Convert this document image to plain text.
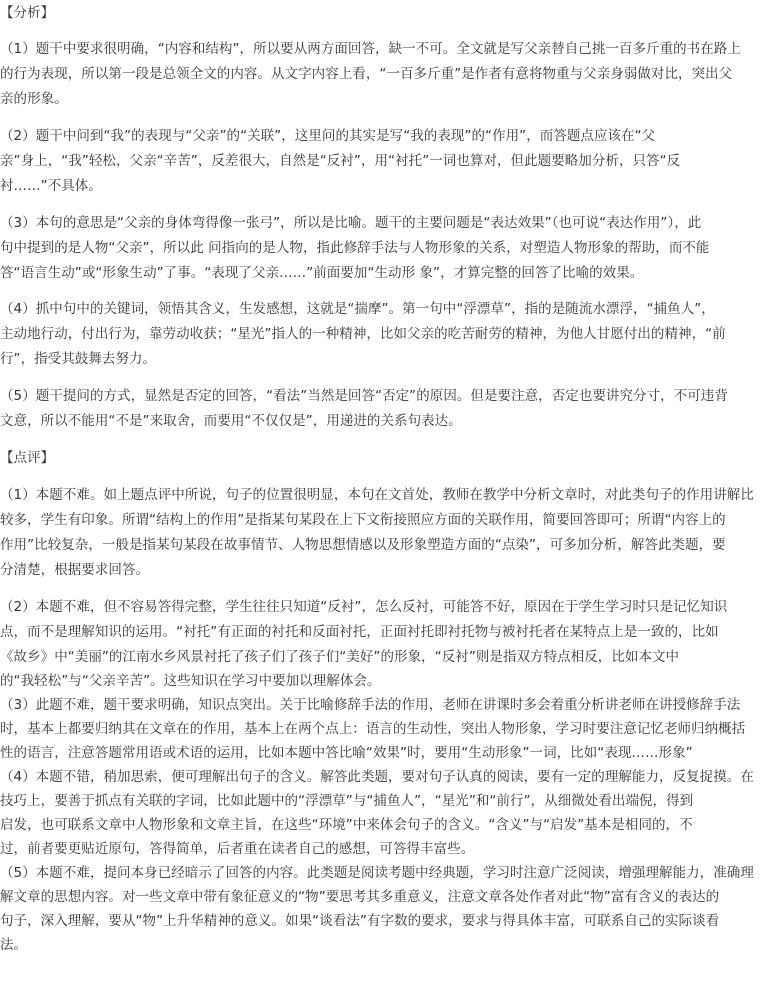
【分析】
（1）题干中要求很明确，“内容和结构”，所以要从两方面回答，缺一不可。全文就是写父亲替自己挑一百多斤重的书在路上
的行为表现，所以第一段是总领全文的内容。从文字内容上看，“一百多斤重”是作者有意将物重与父亲身弱做对比，突出父
亲的形象。
（2）题干中问到“我”的表现与“父亲”的“关联”，这里问的其实是写“我的表现”的“作用”，而答题点应该在“父
亲”身上，“我”轻松，父亲“辛苦”，反差很大，自然是“反衬”，用“衬托”一词也算对，但此题要略加分析，只答“反
衬……”不具体。
（3）本句的意思是“父亲的身体弯得像一张弓”，所以是比喻。题干的主要问题是“表达效果”（也可说“表达作用”），此
句中提到的是人物“父亲”，所以此 问指向的是人物，指此修辞手法与人物形象的关系，对塑造人物形象的帮助，而不能
答“语言生动”或“形象生动”了事。“表现了父亲……”前面要加“生动形 象”，才算完整的回答了比喻的效果。
（4）抓中句中的关键词，领悟其含义，生发感想，这就是“揣摩”。第一句中“浮漂草”，指的是随流水漂浮，“捕鱼人”，
主动地行动，付出行为，靠劳动收获；“星光”指人的一种精神，比如父亲的吃苦耐劳的精神，为他人甘愿付出的精神，“前
行”，指受其鼓舞去努力。
（5）题干提问的方式，显然是否定的回答，“看法”当然是回答“否定”的原因。但是要注意，否定也要讲究分寸，不可违背
文意，所以不能用“不是”来取舍，而要用“不仅仅是”，用递进的关系句表达。
【点评】
（1）本题不难。如上题点评中所说，句子的位置很明显，本句在文首处，教师在教学中分析文章时，对此类句子的作用讲解比
较多，学生有印象。所谓“结构上的作用”是指某句某段在上下文衔接照应方面的关联作用，简要回答即可；所谓“内容上的
作用”比较复杂，一般是指某句某段在故事情节、人物思想情感以及形象塑造方面的“点染”，可多加分析，解答此类题，要
分清楚，根据要求回答。
（2）本题不难，但不容易答得完整，学生往往只知道“反衬”，怎么反衬，可能答不好，原因在于学生学习时只是记忆知识
点，而不是理解知识的运用。“衬托”有正面的衬托和反面衬托，正面衬托即衬托物与被衬托者在某特点上是一致的，比如
《故乡》中“美丽”的江南水乡风景衬托了孩子们了孩子们“美好”的形象，“反衬”则是指双方特点相反，比如本文中
的“我轻松”与“父亲辛苦”。这些知识在学习中要加以理解体会。
（3）此题不难，题干要求明确，知识点突出。关于比喻修辞手法的作用，老师在讲课时多会着重分析讲老师在讲授修辞手法
时，基本上都要归纳其在文章在的作用，基本上在两个点上：语言的生动性，突出人物形象，学习时要注意记忆老师归纳概括
性的语言，注意答题常用语或术语的运用，比如本题中答比喻“效果”时，要用“生动形象”一词，比如“表现……形象”
（4）本题不错，稍加思索，便可理解出句子的含义。解答此类题，要对句子认真的阅读，要有一定的理解能力，反复捉摸。在
技巧上，要善于抓点有关联的字词，比如此题中的“浮漂草”与“捕鱼人”，“星光”和“前行”，从细微处看出端倪，得到
启发，也可联系文章中人物形象和文章主旨，在这些“环境”中来体会句子的含义。“含义”与“启发”基本是相同的，不
过，前者要更贴近原句，答得简单，后者重在读者自己的感想，可答得丰富些。
（5）本题不难，提问本身已经暗示了回答的内容。此类题是阅读考题中经典题，学习时注意广泛阅读，增强理解能力，准确理
解文章的思想内容。对一些文章中带有象征意义的“物”要思考其多重意义，注意文章各处作者对此“物”富有含义的表达的
句子，深入理解，要从“物”上升华精神的意义。如果“谈看法”有字数的要求，要求与得具体丰富，可联系自己的实际谈看
法。
